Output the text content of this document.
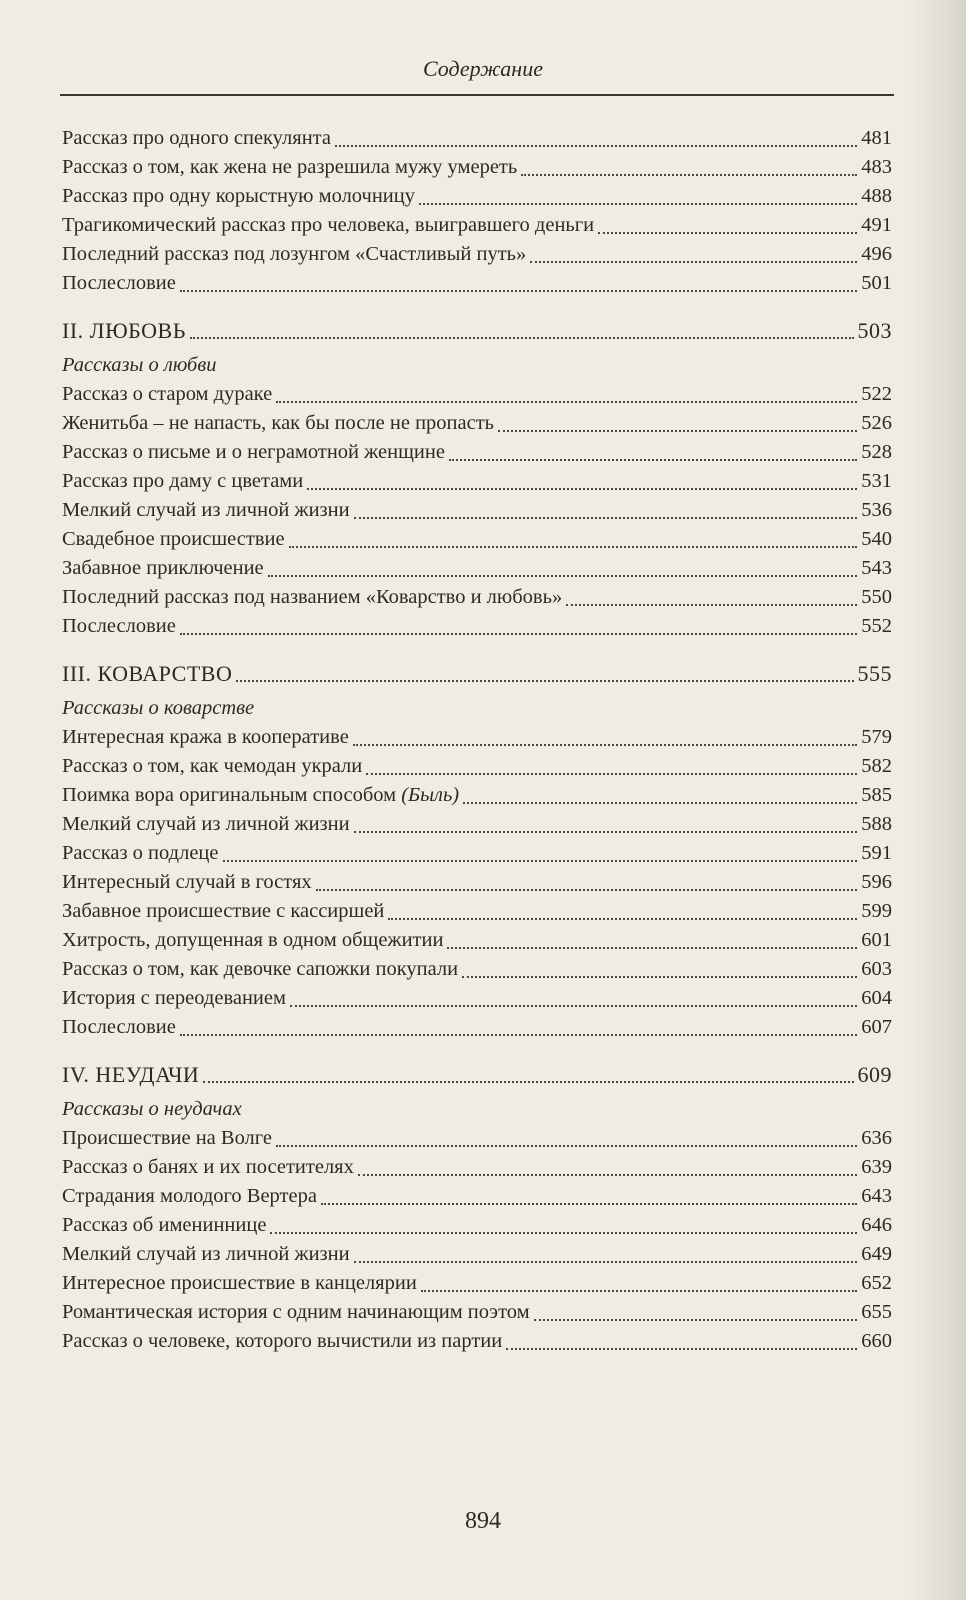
Содержание
Рассказ про одного спекулянта	481
Рассказ о том, как жена не разрешила мужу умереть	483
Рассказ про одну корыстную молочницу	488
Трагикомический рассказ про человека, выигравшего деньги	491
Последний рассказ под лозунгом «Счастливый путь»	496
Послесловие	501
II. ЛЮБОВЬ	503
Рассказы о любви
Рассказ о старом дураке	522
Женитьба – не напасть, как бы после не пропасть	526
Рассказ о письме и о неграмотной женщине	528
Рассказ про даму с цветами	531
Мелкий случай из личной жизни	536
Свадебное происшествие	540
Забавное приключение	543
Последний рассказ под названием «Коварство и любовь»	550
Послесловие	552
III. КОВАРСТВО	555
Рассказы о коварстве
Интересная кража в кооперативе	579
Рассказ о том, как чемодан украли	582
Поимка вора оригинальным способом (Быль)	585
Мелкий случай из личной жизни	588
Рассказ о подлеце	591
Интересный случай в гостях	596
Забавное происшествие с кассиршей	599
Хитрость, допущенная в одном общежитии	601
Рассказ о том, как девочке сапожки покупали	603
История с переодеванием	604
Послесловие	607
IV. НЕУДАЧИ	609
Рассказы о неудачах
Происшествие на Волге	636
Рассказ о банях и их посетителях	639
Страдания молодого Вертера	643
Рассказ об имениннице	646
Мелкий случай из личной жизни	649
Интересное происшествие в канцелярии	652
Романтическая история с одним начинающим поэтом	655
Рассказ о человеке, которого вычистили из партии	660
894
